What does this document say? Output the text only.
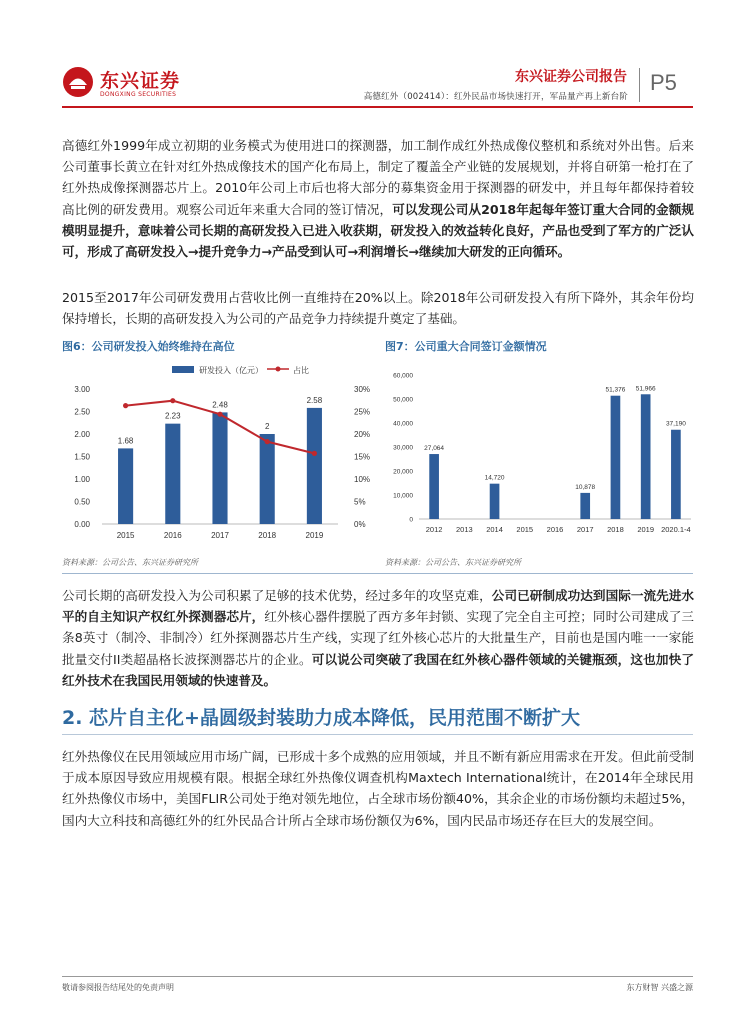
东兴证券
DONGXING SECURITIES
东兴证券公司报告
高德红外（002414）：红外民品市场快速打开，军品量产再上新台阶
P5
高德红外1999年成立初期的业务模式为使用进口的探测器，加工制作成红外热成像仪整机和系统对外出售。后来公司董事长黄立在针对红外热成像技术的国产化布局上，制定了覆盖全产业链的发展规划，并将自研第一枪打在了红外热成像探测器芯片上。2010年公司上市后也将大部分的募集资金用于探测器的研发中，并且每年都保持着较高比例的研发费用。观察公司近年来重大合同的签订情况，可以发现公司从2018年起每年签订重大合同的金额规模明显提升，意味着公司长期的高研发投入已进入收获期，研发投入的效益转化良好，产品也受到了军方的广泛认可，形成了高研发投入→提升竞争力→产品受到认可→利润增长→继续加大研发的正向循环。
2015至2017年公司研发费用占营收比例一直维持在20%以上。除2018年公司研发投入有所下降外，其余年份均保持增长，长期的高研发投入为公司的产品竞争力持续提升奠定了基础。
图6：公司研发投入始终维持在高位
研发投入（亿元）	占比
0.00
0.50
1.00
1.50
2.00
2.50
3.00
0%
5%
10%
15%
20%
25%
30%
1.68
2015
2.23
2016
2.48
2017
2
2018
2.58
2019
资料来源：公司公告、东兴证券研究所
图7：公司重大合同签订金额情况
0
10,000
20,000
30,000
40,000
50,000
60,000
27,064
2012 2013
14,720
2014 2015 2016
10,878
2017
51,376
2018
51,966
2019
37,190
2020.1-4
资料来源：公司公告、东兴证券研究所
公司长期的高研发投入为公司积累了足够的技术优势，经过多年的攻坚克难，公司已研制成功达到国际一流先进水平的自主知识产权红外探测器芯片，红外核心器件摆脱了西方多年封锁、实现了完全自主可控；同时公司建成了三条8英寸（制冷、非制冷）红外探测器芯片生产线，实现了红外核心芯片的大批量生产，目前也是国内唯一一家能批量交付II类超晶格长波探测器芯片的企业。可以说公司突破了我国在红外核心器件领域的关键瓶颈，这也加快了红外技术在我国民用领域的快速普及。
2. 芯片自主化+晶圆级封装助力成本降低，民用范围不断扩大
红外热像仪在民用领域应用市场广阔，已形成十多个成熟的应用领域，并且不断有新应用需求在开发。但此前受制于成本原因导致应用规模有限。根据全球红外热像仪调查机构Maxtech International统计，在2014年全球民用红外热像仪市场中，美国FLIR公司处于绝对领先地位，占全球市场份额40%，其余企业的市场份额均未超过5%，国内大立科技和高德红外的红外民品合计所占全球市场份额仅为6%，国内民品市场还存在巨大的发展空间。
敬请参阅报告结尾处的免责声明	东方财智 兴盛之源
